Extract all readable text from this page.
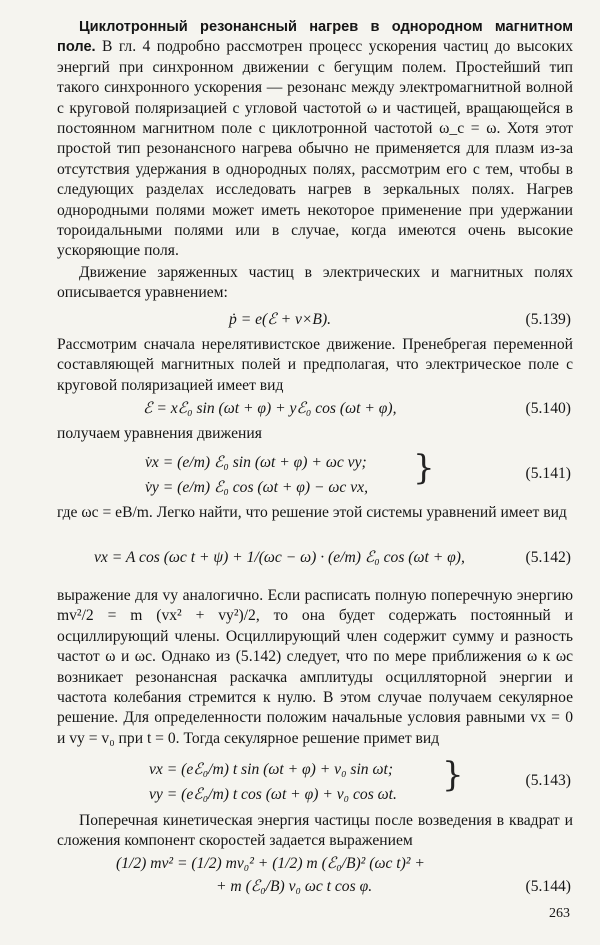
Циклотронный резонансный нагрев в однородном магнитном поле. В гл. 4 подробно рассмотрен процесс ускорения частиц до высоких энергий при синхронном движении с бегущим полем. Простейший тип такого синхронного ускорения — резонанс между электромагнитной волной с круговой поляризацией с угловой частотой ω и частицей, вращающейся в постоянном магнитном поле с циклотронной частотой ω_c = ω. Хотя этот простой тип резонансного нагрева обычно не применяется для плазм из-за отсутствия удержания в однородных полях, рассмотрим его с тем, чтобы в следующих разделах исследовать нагрев в зеркальных полях. Нагрев однородными полями может иметь некоторое применение при удержании тороидальными полями или в случае, когда имеются очень высокие ускоряющие поля.

Движение заряженных частиц в электрических и магнитных полях описывается уравнением:

ṗ = e(ℰ + v×B).	(5.139)

Рассмотрим сначала нерелятивистское движение. Пренебрегая переменной составляющей магнитных полей и предполагая, что электрическое поле с круговой поляризацией имеет вид

ℰ = xℰ₀ sin (ωt + φ) + yℰ₀ cos (ωt + φ),	(5.140)

получаем уравнения движения

v̇x = (e/m) ℰ₀ sin (ωt + φ) + ωc vy;
v̇y = (e/m) ℰ₀ cos (ωt + φ) − ωc vx, }	(5.141)

где ωc = eB/m. Легко найти, что решение этой системы уравнений имеет вид

vx = A cos (ωc t + ψ) + 1/(ωc − ω) · (e/m) ℰ₀ cos (ωt + φ),	(5.142)

выражение для vy аналогично. Если расписать полную поперечную энергию mv²/2 = m (vx² + vy²)/2, то она будет содержать постоянный и осциллирующий члены. Осциллирующий член содержит сумму и разность частот ω и ωc. Однако из (5.142) следует, что по мере приближения ω к ωc возникает резонансная раскачка амплитуды осцилляторной энергии и частота колебания стремится к нулю. В этом случае получаем секулярное решение. Для определенности положим начальные условия равными vx = 0 и vy = v₀ при t = 0. Тогда секулярное решение примет вид

vx = (eℰ₀/m) t sin (ωt + φ) + v₀ sin ωt;
vy = (eℰ₀/m) t cos (ωt + φ) + v₀ cos ωt. }	(5.143)

Поперечная кинетическая энергия частицы после возведения в квадрат и сложения компонент скоростей задается выражением

(1/2) mv² = (1/2) mv₀² + (1/2) m (ℰ₀/B)² (ωc t)² +
+ m (ℰ₀/B) v₀ ωc t cos φ.	(5.144)
263
